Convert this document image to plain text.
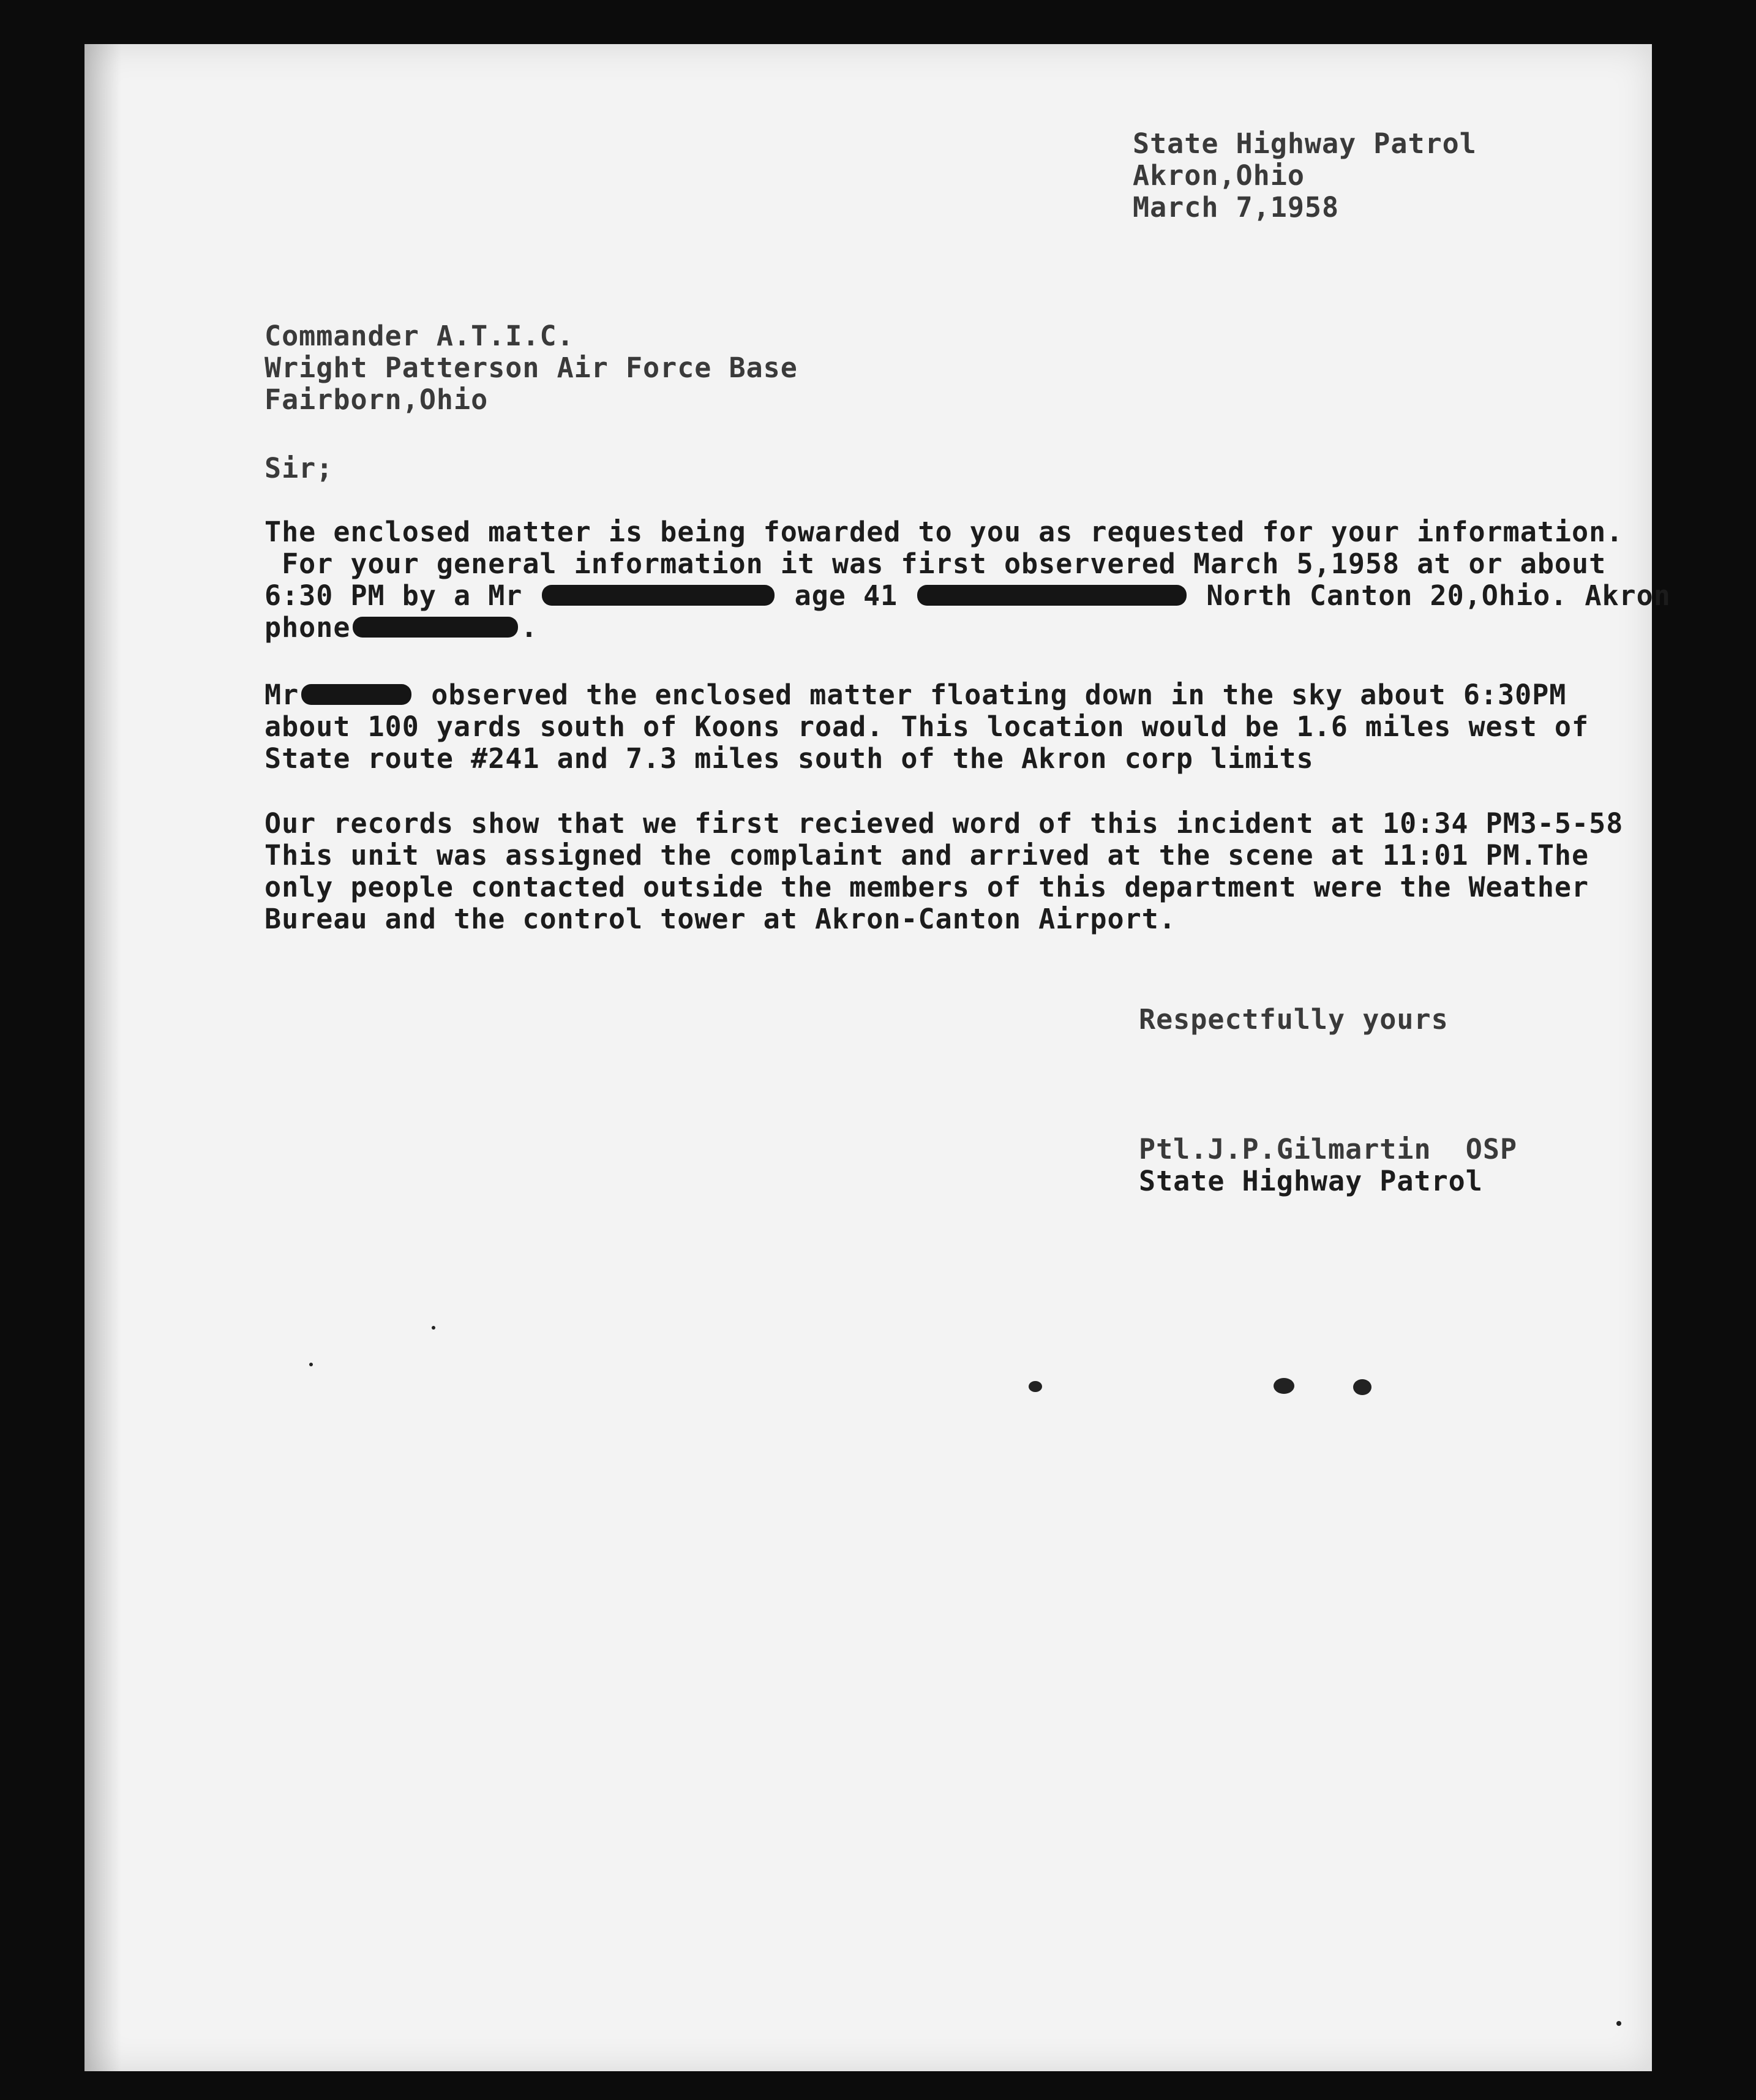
State Highway Patrol
Akron,Ohio
March 7,1958
Commander A.T.I.C.
Wright Patterson Air Force Base
Fairborn,Ohio
Sir;
The enclosed matter is being fowarded to you as requested for your information.
For your general information it was first observered March 5,1958 at or about
6:30 PM by a Mr	age 41	North Canton 20,Ohio. Akron
phone	.
Mr	observed the enclosed matter floating down in the sky about 6:30PM
about 100 yards south of Koons road. This location would be 1.6 miles west of
State route #241 and 7.3 miles south of the Akron corp limits
Our records show that we first recieved word of this incident at 10:34 PM3-5-58
This unit was assigned the complaint and arrived at the scene at 11:01 PM.The
only people contacted outside the members of this department were the Weather
Bureau and the control tower at Akron-Canton Airport.
Respectfully yours
Ptl.J.P.Gilmartin  OSP
State Highway Patrol
